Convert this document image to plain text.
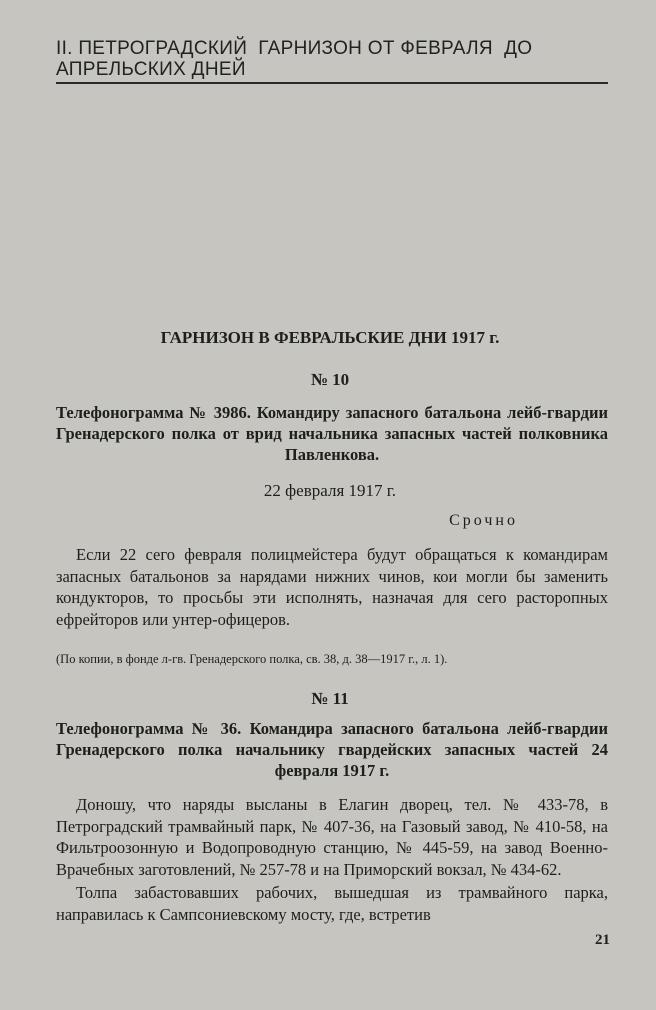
II. ПЕТРОГРАДСКИЙ  ГАРНИЗОН ОТ ФЕВРАЛЯ  ДО
АПРЕЛЬСКИХ ДНЕЙ
ГАРНИЗОН В ФЕВРАЛЬСКИЕ ДНИ 1917 г.
№ 10
Телефонограмма № 3986. Командиру запасного батальона лейб-гвардии Гренадерского полка от врид начальника запасных частей полковника Павленкова.
22 февраля 1917 г.
Срочно
Если 22 сего февраля полицмейстера будут обращаться к командирам запасных батальонов за нарядами нижних чинов, кои могли бы заменить кондукторов, то просьбы эти исполнять, назначая для сего расторопных ефрейторов или унтер-офицеров.
(По копии, в фонде л-гв. Гренадерского полка, св. 38, д. 38—1917 г., л. 1).
№ 11
Телефонограмма № 36. Командира запасного батальона лейб-гвардии Гренадерского полка начальнику гвардейских запасных частей 24 февраля 1917 г.
Доношу, что наряды высланы в Елагин дворец, тел. № 433-78, в Петроградский трамвайный парк, № 407-36, на Газовый завод, № 410-58, на Фильтроозонную и Водопроводную станцию, № 445-59, на завод Военно-Врачебных заготовлений, № 257-78 и на Приморский вокзал, № 434-62.
Толпа забастовавших рабочих, вышедшая из трамвайного парка, направилась к Сампсониевскому мосту, где, встретив
21
